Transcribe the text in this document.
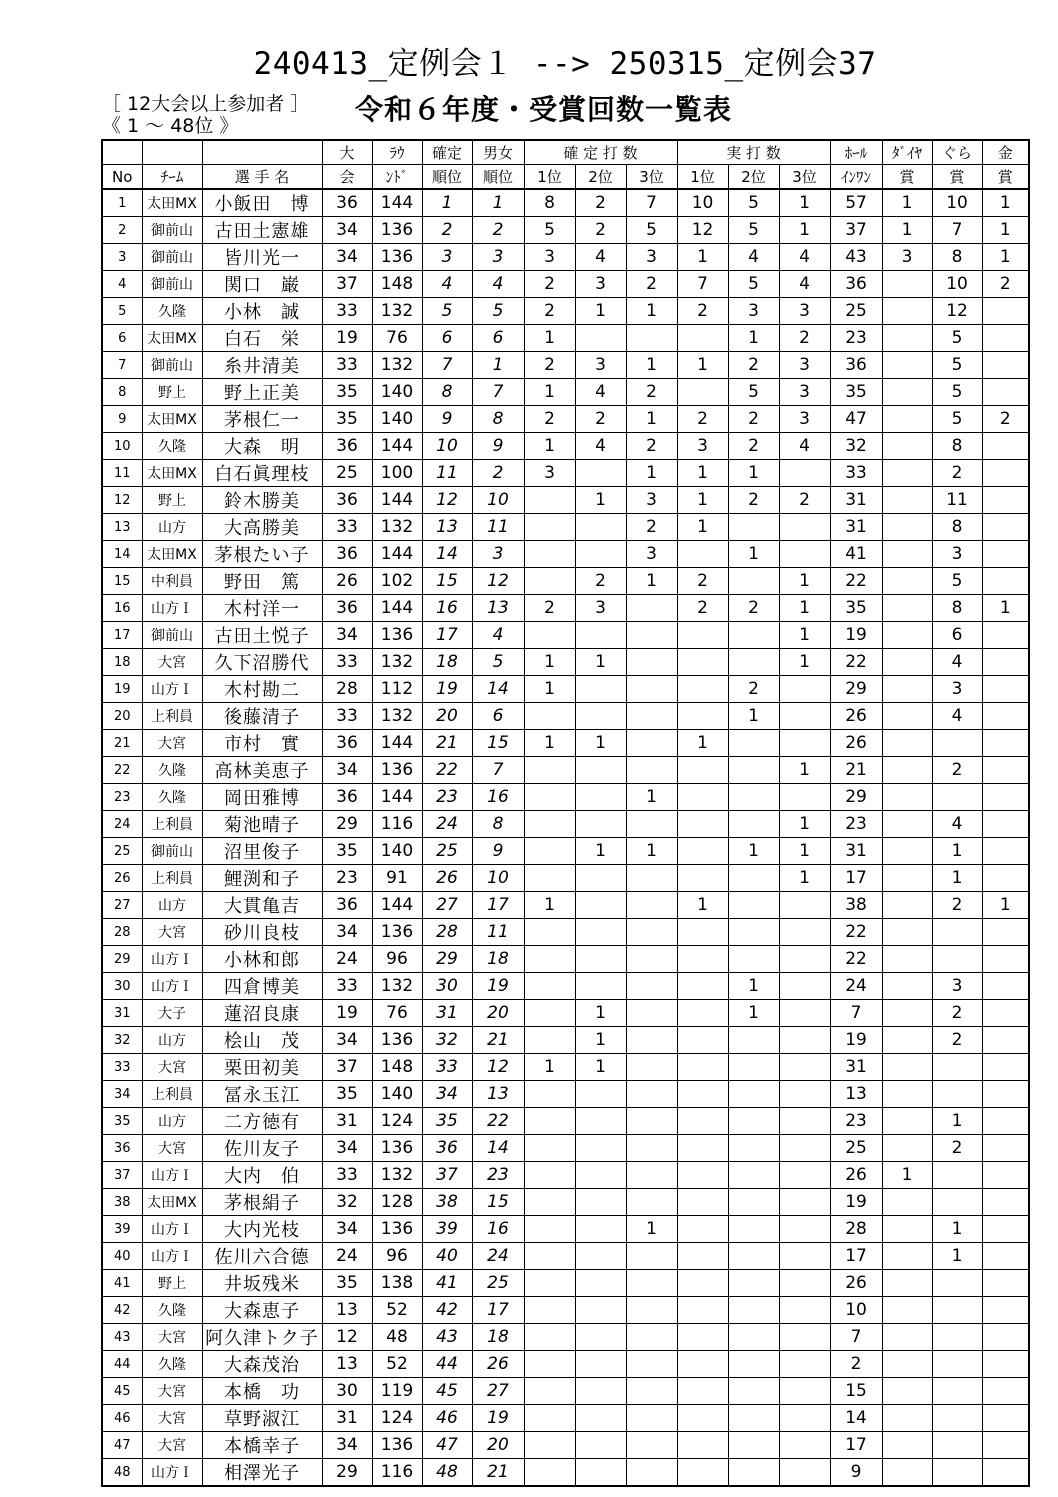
240413_定例会１ --> 250315_定例会37
［ 12大会以上参加者 ］
《 1 ～ 48位 》	令和６年度・受賞回数一覧表
			大	ﾗｳ	確定	男女	確 定 打 数			実 打 数			ﾎｰﾙ	ﾀﾞｲﾔ	ぐら	金
No	ﾁｰﾑ	選 手 名	会	ﾝﾄﾞ	順位	順位	1位	2位	3位	1位	2位	3位	ｲﾝﾜﾝ	賞	賞	賞
1	太田MX	小飯田　博	36	144	1	1	8	2	7	10	5	1	57	1	10	1
2	御前山	古田土憲雄	34	136	2	2	5	2	5	12	5	1	37	1	7	1
3	御前山	皆川光一	34	136	3	3	3	4	3	1	4	4	43	3	8	1
4	御前山	関口　巌	37	148	4	4	2	3	2	7	5	4	36		10	2
5	久隆	小林　誠	33	132	5	5	2	1	1	2	3	3	25		12	
6	太田MX	白石　栄	19	76	6	6	1				1	2	23		5	
7	御前山	糸井清美	33	132	7	1	2	3	1	1	2	3	36		5	
8	野上	野上正美	35	140	8	7	1	4	2		5	3	35		5	
9	太田MX	茅根仁一	35	140	9	8	2	2	1	2	2	3	47		5	2
10	久隆	大森　明	36	144	10	9	1	4	2	3	2	4	32		8	
11	太田MX	白石眞理枝	25	100	11	2	3		1	1	1		33		2	
12	野上	鈴木勝美	36	144	12	10		1	3	1	2	2	31		11	
13	山方	大高勝美	33	132	13	11			2	1			31		8	
14	太田MX	茅根たい子	36	144	14	3			3		1		41		3	
15	中利員	野田　篤	26	102	15	12		2	1	2		1	22		5	
16	山方Ｉ	木村洋一	36	144	16	13	2	3		2	2	1	35		8	1
17	御前山	古田土悦子	34	136	17	4						1	19		6	
18	大宮	久下沼勝代	33	132	18	5	1	1				1	22		4	
19	山方Ｉ	木村勘二	28	112	19	14	1				2		29		3	
20	上利員	後藤清子	33	132	20	6					1		26		4	
21	大宮	市村　實	36	144	21	15	1	1		1			26			
22	久隆	高林美恵子	34	136	22	7						1	21		2	
23	久隆	岡田雅博	36	144	23	16			1				29			
24	上利員	菊池晴子	29	116	24	8						1	23		4	
25	御前山	沼里俊子	35	140	25	9		1	1		1	1	31		1	
26	上利員	鯉渕和子	23	91	26	10						1	17		1	
27	山方	大貫亀吉	36	144	27	17	1			1			38		2	1
28	大宮	砂川良枝	34	136	28	11							22			
29	山方Ｉ	小林和郎	24	96	29	18							22			
30	山方Ｉ	四倉博美	33	132	30	19					1		24		3	
31	大子	蓮沼良康	19	76	31	20		1			1		7		2	
32	山方	桧山　茂	34	136	32	21		1					19		2	
33	大宮	栗田初美	37	148	33	12	1	1					31			
34	上利員	冨永玉江	35	140	34	13							13			
35	山方	二方徳有	31	124	35	22							23		1	
36	大宮	佐川友子	34	136	36	14							25		2	
37	山方Ｉ	大内　伯	33	132	37	23							26	1		
38	太田MX	茅根絹子	32	128	38	15							19			
39	山方Ｉ	大内光枝	34	136	39	16			1				28		1	
40	山方Ｉ	佐川六合德	24	96	40	24							17		1	
41	野上	井坂残米	35	138	41	25							26			
42	久隆	大森恵子	13	52	42	17							10			
43	大宮	阿久津トク子	12	48	43	18							7			
44	久隆	大森茂治	13	52	44	26							2			
45	大宮	本橋　功	30	119	45	27							15			
46	大宮	草野淑江	31	124	46	19							14			
47	大宮	本橋幸子	34	136	47	20							17			
48	山方Ｉ	相澤光子	29	116	48	21							9			
